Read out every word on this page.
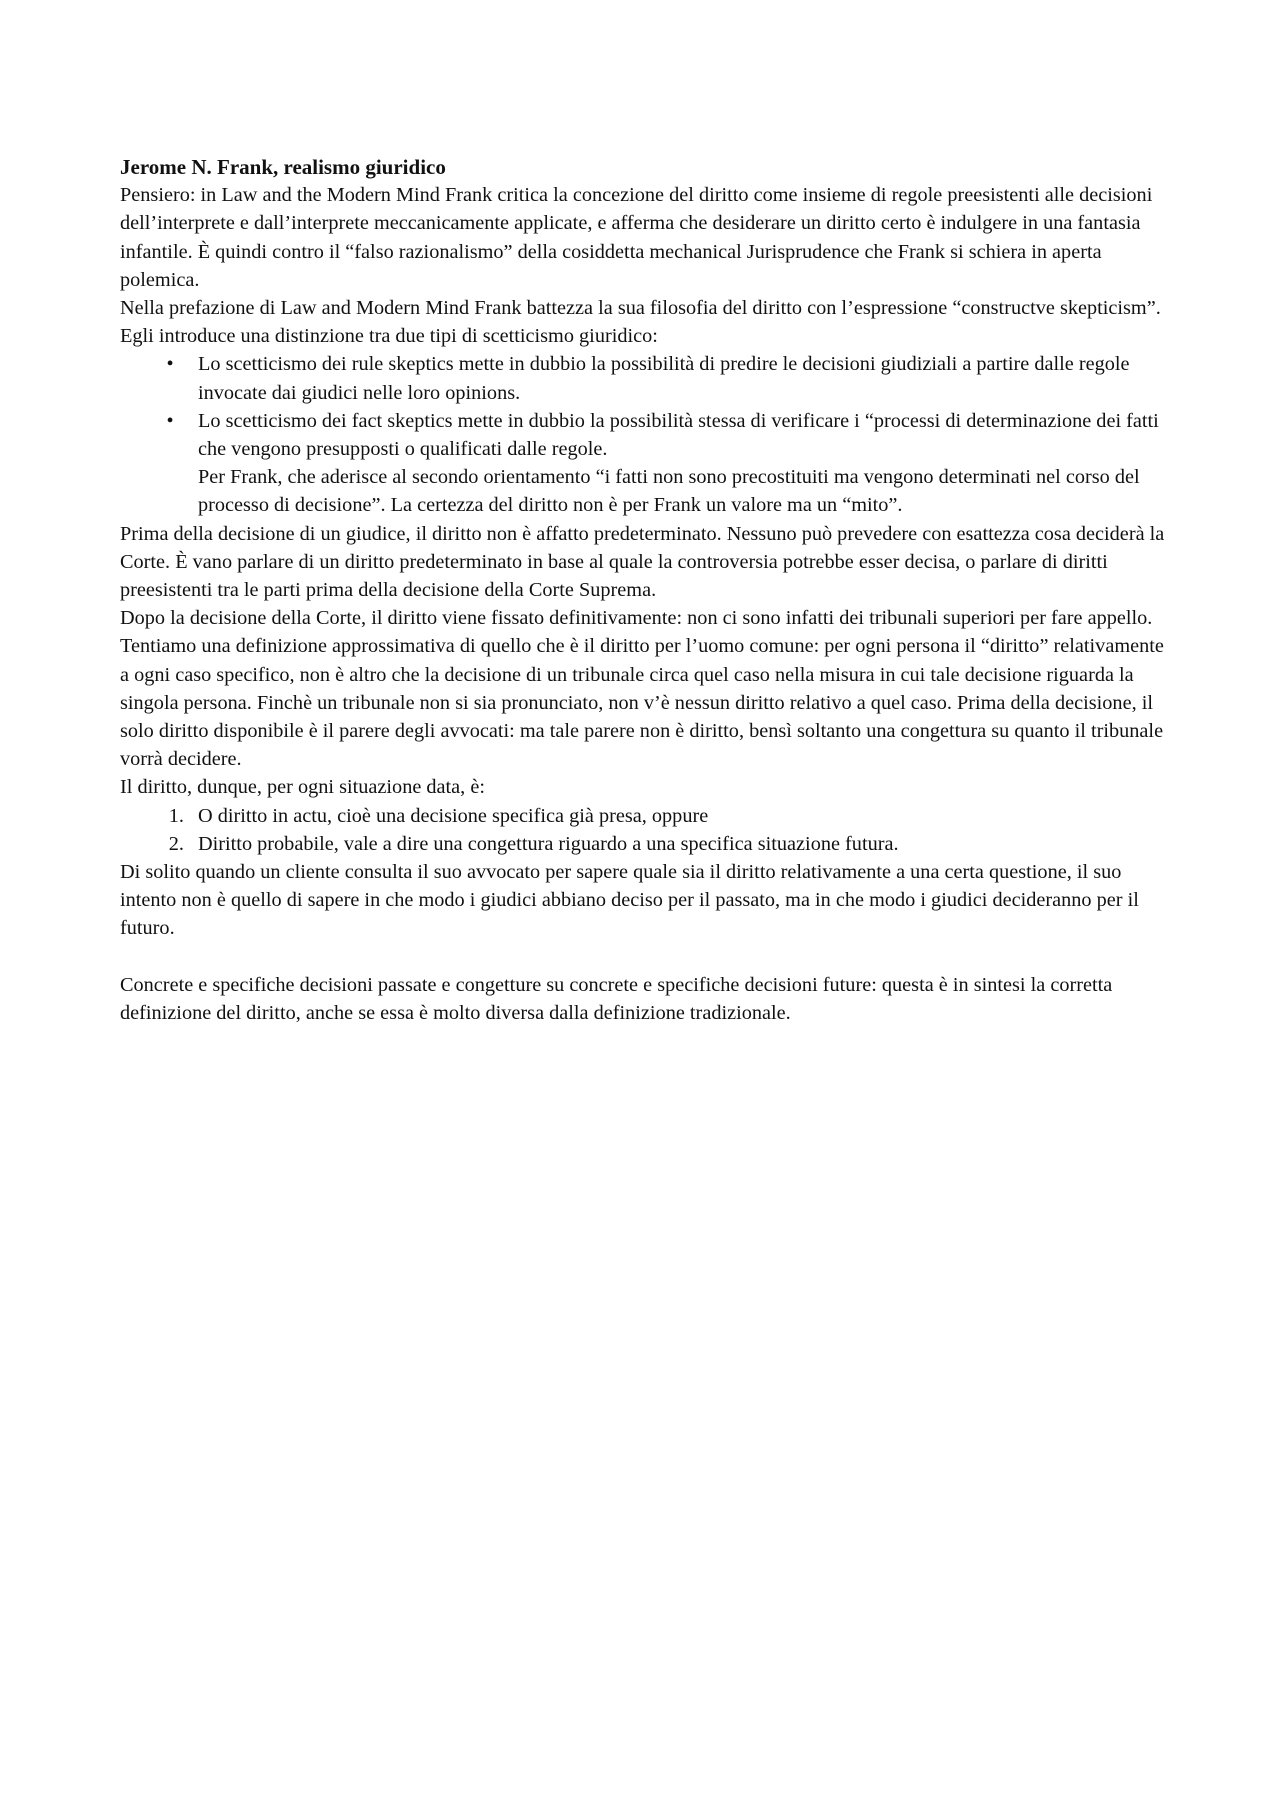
Jerome N. Frank, realismo giuridico

Pensiero: in Law and the Modern Mind Frank critica la concezione del diritto come insieme di regole preesistenti alle decisioni dell’interprete e dall’interprete meccanicamente applicate, e afferma che desiderare un diritto certo è indulgere in una fantasia infantile. È quindi contro il “falso razionalismo” della cosiddetta mechanical Jurisprudence che Frank si schiera in aperta polemica.

Nella prefazione di Law and Modern Mind Frank battezza la sua filosofia del diritto con l’espressione “constructve skepticism”. Egli introduce una distinzione tra due tipi di scetticismo giuridico:

•	Lo scetticismo dei rule skeptics mette in dubbio la possibilità di predire le decisioni giudiziali a partire dalle regole invocate dai giudici nelle loro opinions.
•	Lo scetticismo dei fact skeptics mette in dubbio la possibilità stessa di verificare i “processi di determinazione dei fatti che vengono presupposti o qualificati dalle regole.

Per Frank, che aderisce al secondo orientamento “i fatti non sono precostituiti ma vengono determinati nel corso del processo di decisione”. La certezza del diritto non è per Frank un valore ma un “mito”.

Prima della decisione di un giudice, il diritto non è affatto predeterminato. Nessuno può prevedere con esattezza cosa deciderà la Corte. È vano parlare di un diritto predeterminato in base al quale la controversia potrebbe esser decisa, o parlare di diritti preesistenti tra le parti prima della decisione della Corte Suprema.

Dopo la decisione della Corte, il diritto viene fissato definitivamente: non ci sono infatti dei tribunali superiori per fare appello.

Tentiamo una definizione approssimativa di quello che è il diritto per l’uomo comune: per ogni persona il “diritto” relativamente a ogni caso specifico, non è altro che la decisione di un tribunale circa quel caso nella misura in cui tale decisione riguarda la singola persona. Finchè un tribunale non si sia pronunciato, non v’è nessun diritto relativo a quel caso. Prima della decisione, il solo diritto disponibile è il parere degli avvocati: ma tale parere non è diritto, bensì soltanto una congettura su quanto il tribunale vorrà decidere.

Il diritto, dunque, per ogni situazione data, è:

1. O diritto in actu, cioè una decisione specifica già presa, oppure
2. Diritto probabile, vale a dire una congettura riguardo a una specifica situazione futura.

Di solito quando un cliente consulta il suo avvocato per sapere quale sia il diritto relativamente a una certa questione, il suo intento non è quello di sapere in che modo i giudici abbiano deciso per il passato, ma in che modo i giudici decideranno per il futuro.

Concrete e specifiche decisioni passate e congetture su concrete e specifiche decisioni future: questa è in sintesi la corretta definizione del diritto, anche se essa è molto diversa dalla definizione tradizionale.
